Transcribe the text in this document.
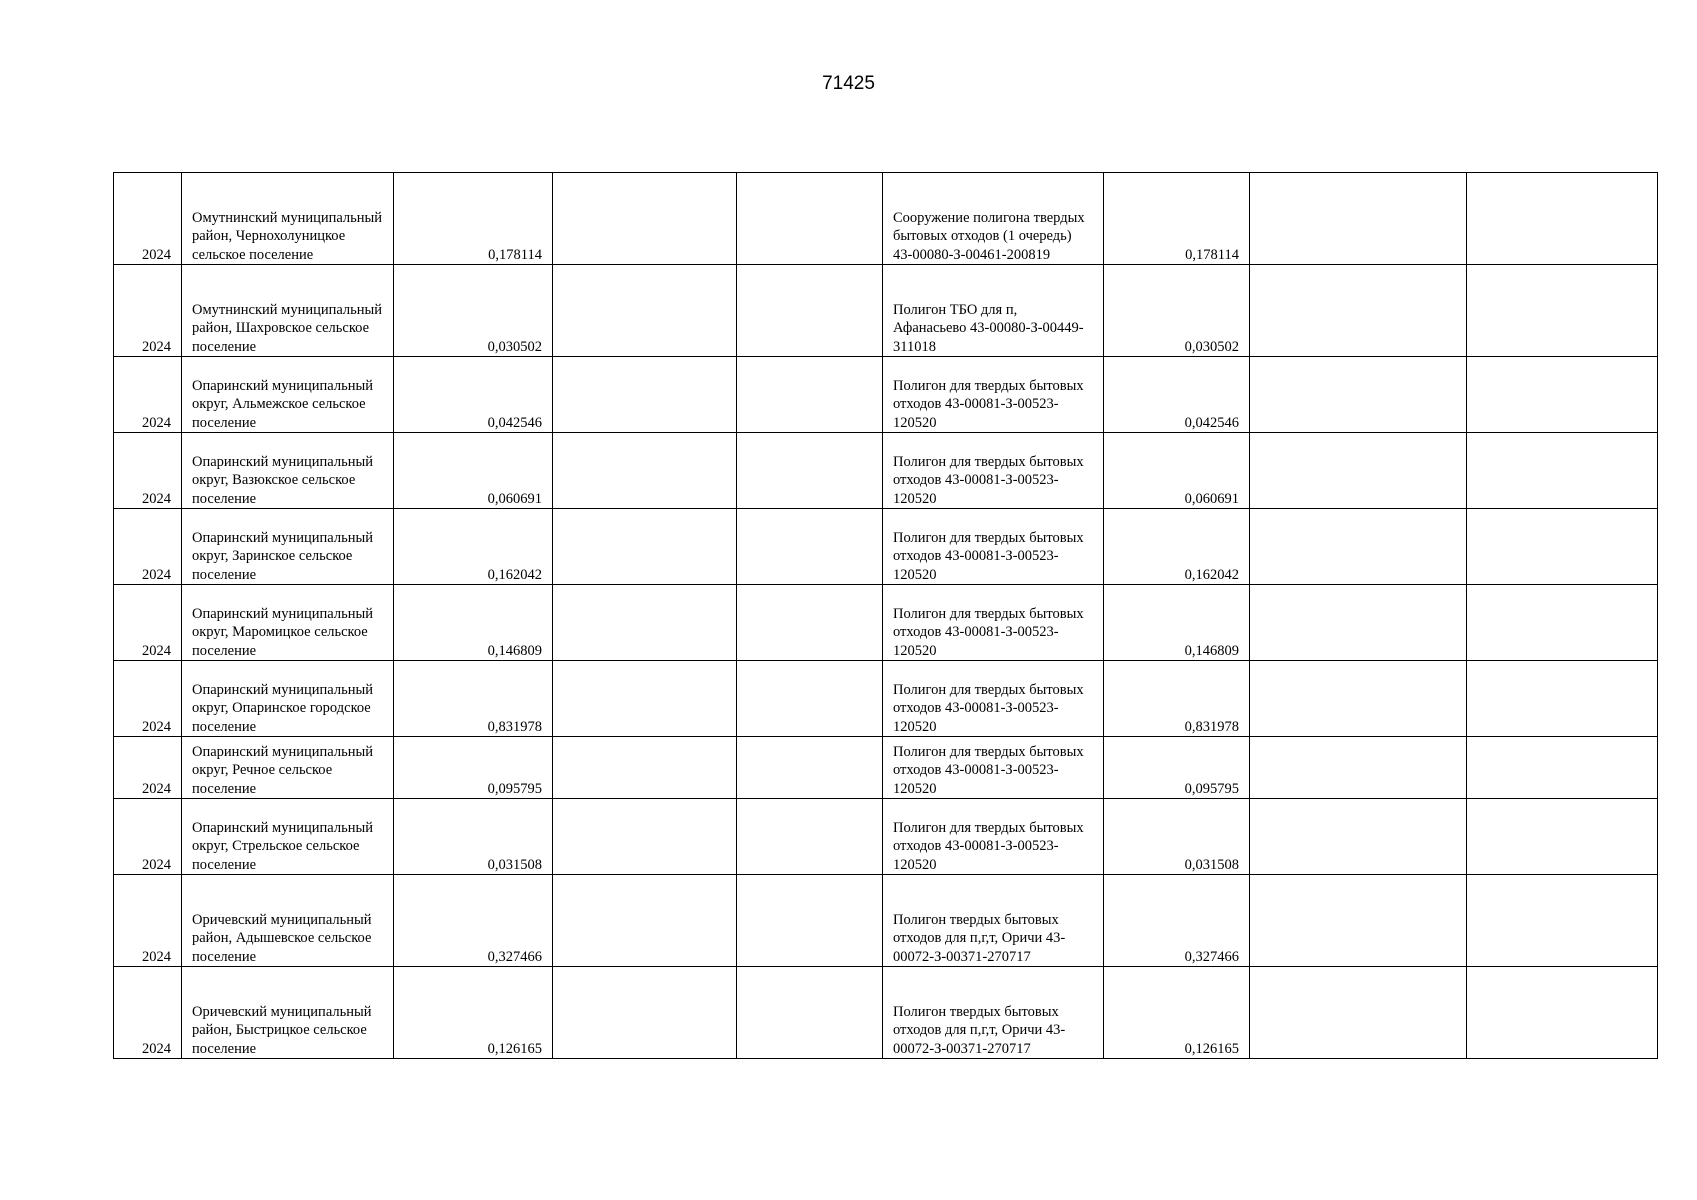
71425
2024	Омутнинский муниципальный район, Чернохолуницкое сельское поселение	0,178114			Сооружение полигона твердых бытовых отходов (1 очередь) 43-00080-З-00461-200819	0,178114		
2024	Омутнинский муниципальный район, Шахровское сельское поселение	0,030502			Полигон ТБО для п, Афанасьево 43-00080-З-00449-311018	0,030502		
2024	Опаринский муниципальный округ, Альмежское сельское поселение	0,042546			Полигон для твердых бытовых отходов 43-00081-З-00523-120520	0,042546		
2024	Опаринский муниципальный округ, Вазюкское сельское поселение	0,060691			Полигон для твердых бытовых отходов 43-00081-З-00523-120520	0,060691		
2024	Опаринский муниципальный округ, Заринское сельское поселение	0,162042			Полигон для твердых бытовых отходов 43-00081-З-00523-120520	0,162042		
2024	Опаринский муниципальный округ, Маромицкое сельское поселение	0,146809			Полигон для твердых бытовых отходов 43-00081-З-00523-120520	0,146809		
2024	Опаринский муниципальный округ, Опаринское городское поселение	0,831978			Полигон для твердых бытовых отходов 43-00081-З-00523-120520	0,831978		
2024	Опаринский муниципальный округ, Речное сельское поселение	0,095795			Полигон для твердых бытовых отходов 43-00081-З-00523-120520	0,095795		
2024	Опаринский муниципальный округ, Стрельское сельское поселение	0,031508			Полигон для твердых бытовых отходов 43-00081-З-00523-120520	0,031508		
2024	Оричевский муниципальный район, Адышевское сельское поселение	0,327466			Полигон твердых бытовых отходов для п,г,т, Оричи 43-00072-З-00371-270717	0,327466		
2024	Оричевский муниципальный район, Быстрицкое сельское поселение	0,126165			Полигон твердых бытовых отходов для п,г,т, Оричи 43-00072-З-00371-270717	0,126165		
